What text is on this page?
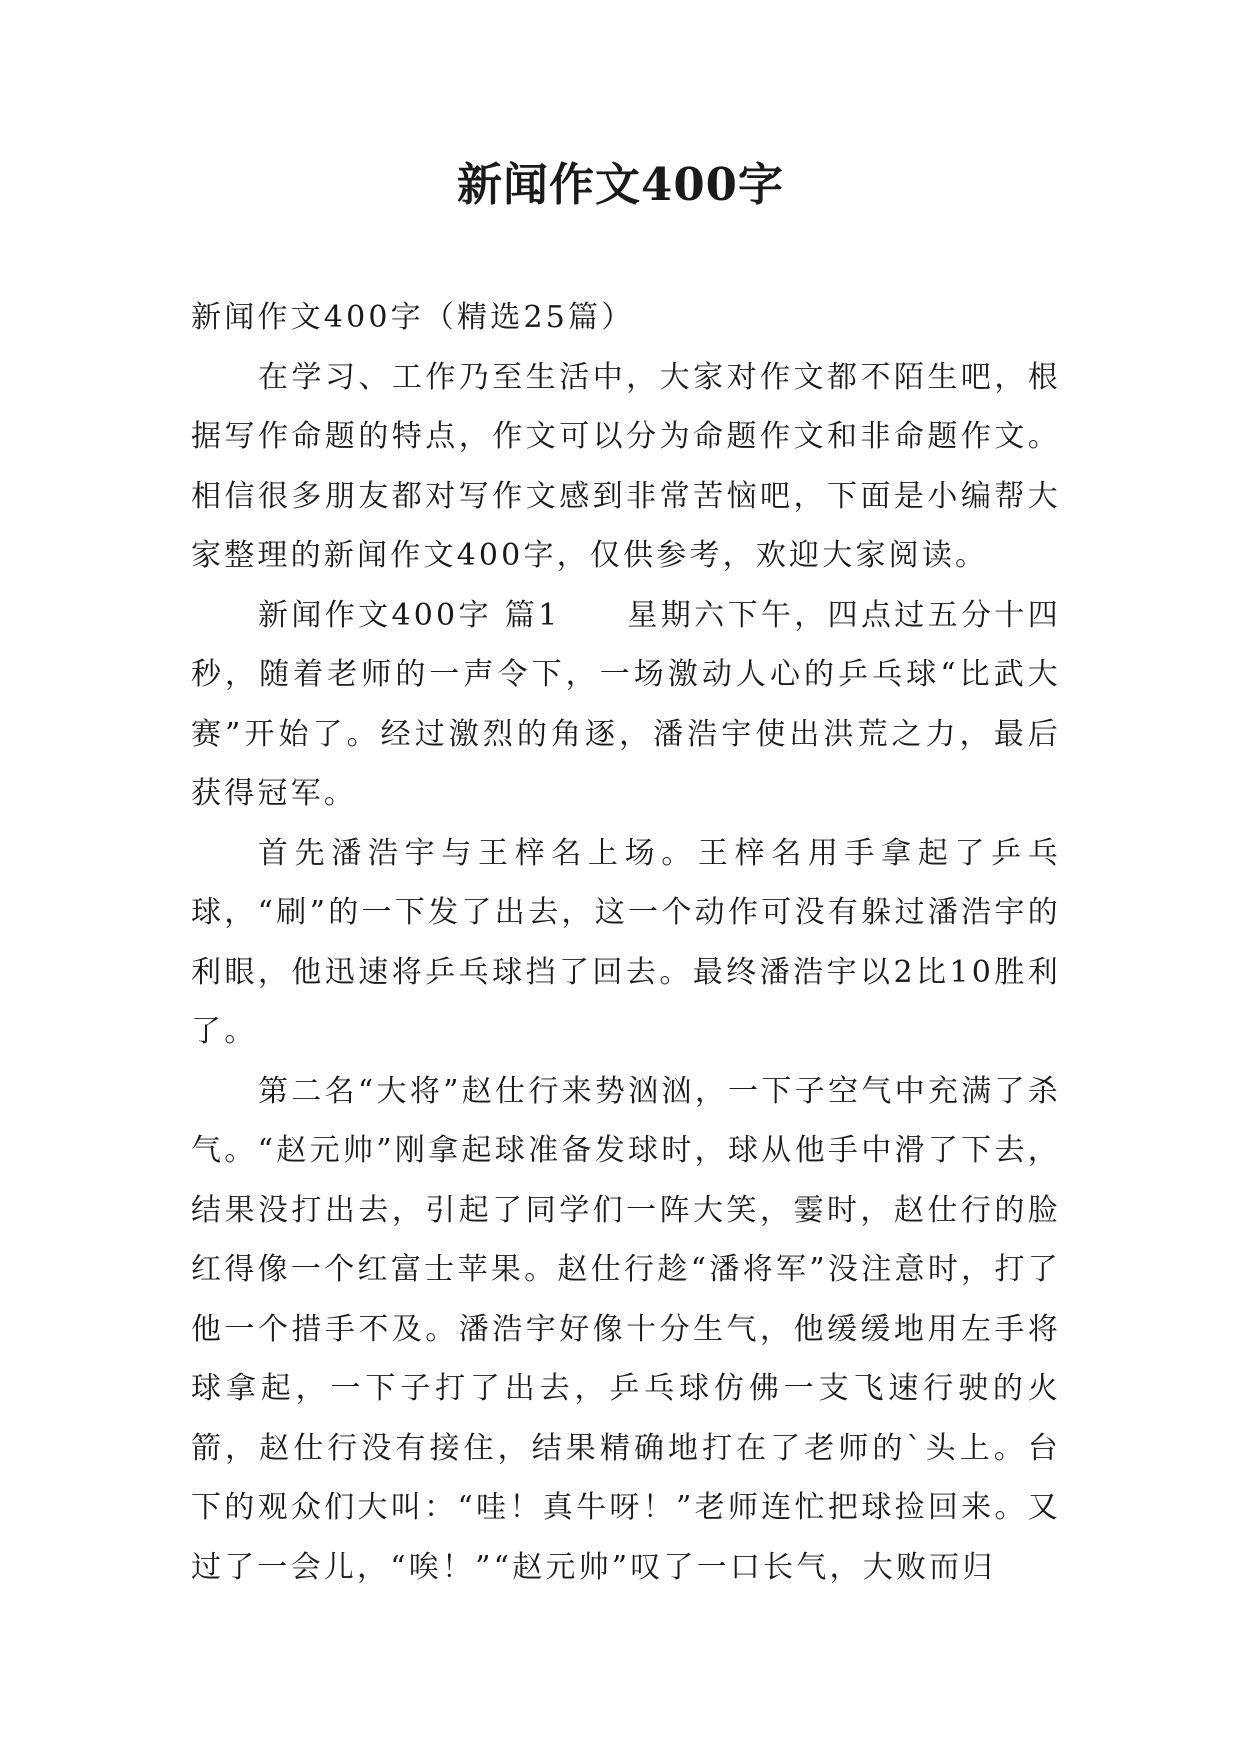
新闻作文400字

新闻作文400字（精选25篇）

在学习、工作乃至生活中，大家对作文都不陌生吧，根据写作命题的特点，作文可以分为命题作文和非命题作文。相信很多朋友都对写作文感到非常苦恼吧，下面是小编帮大家整理的新闻作文400字，仅供参考，欢迎大家阅读。

新闻作文400字 篇1　　星期六下午，四点过五分十四秒，随着老师的一声令下，一场激动人心的乒乓球“比武大赛”开始了。经过激烈的角逐，潘浩宇使出洪荒之力，最后获得冠军。

首先潘浩宇与王梓名上场。王梓名用手拿起了乒乓球，“刷”的一下发了出去，这一个动作可没有躲过潘浩宇的利眼，他迅速将乒乓球挡了回去。最终潘浩宇以2比10胜利了。

第二名“大将”赵仕行来势汹汹，一下子空气中充满了杀气。“赵元帅”刚拿起球准备发球时，球从他手中滑了下去，结果没打出去，引起了同学们一阵大笑，霎时，赵仕行的脸红得像一个红富士苹果。赵仕行趁“潘将军”没注意时，打了他一个措手不及。潘浩宇好像十分生气，他缓缓地用左手将球拿起，一下子打了出去，乒乓球仿佛一支飞速行驶的火箭，赵仕行没有接住，结果精确地打在了老师的`头上。台下的观众们大叫：“哇！真牛呀！”老师连忙把球捡回来。又过了一会儿，“唉！”“赵元帅”叹了一口长气，大败而归
